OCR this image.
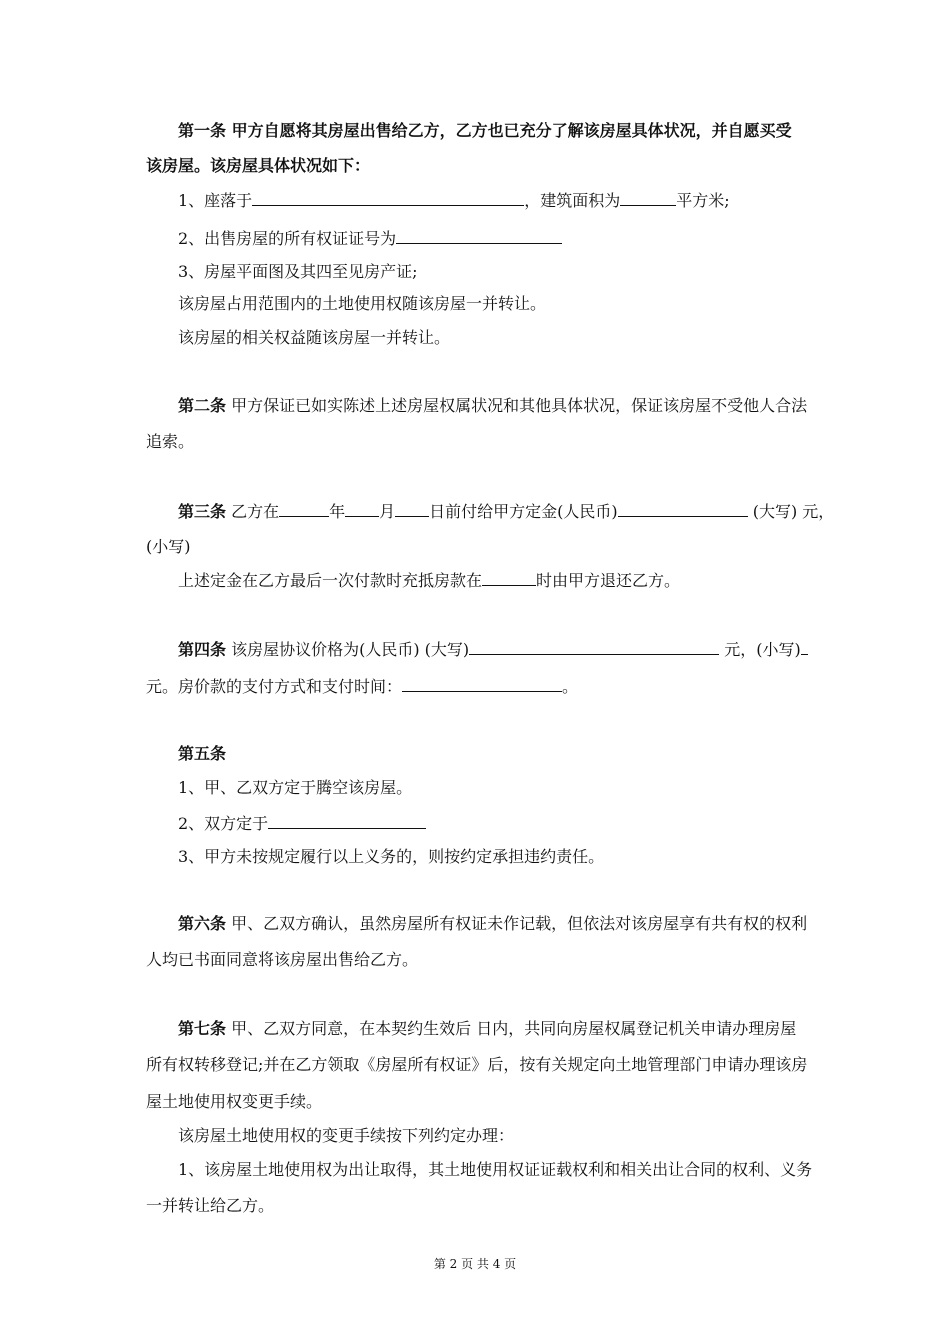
第一条 甲方自愿将其房屋出售给乙方，乙方也已充分了解该房屋具体状况，并自愿买受
该房屋。该房屋具体状况如下：
1、座落于	，建筑面积为	平方米;
2、出售房屋的所有权证证号为
3、房屋平面图及其四至见房产证;
该房屋占用范围内的土地使用权随该房屋一并转让。
该房屋的相关权益随该房屋一并转让。
第二条 甲方保证已如实陈述上述房屋权属状况和其他具体状况，保证该房屋不受他人合法
追索。
第三条 乙方在	年 月 日前付给甲方定金(人民币)	(大写) 元，
(小写)
上述定金在乙方最后一次付款时充抵房款在	时由甲方退还乙方。
第四条 该房屋协议价格为(人民币) (大写)	元，(小写)
元。房价款的支付方式和支付时间：	。
第五条
1、甲、乙双方定于腾空该房屋。
2、双方定于
3、甲方未按规定履行以上义务的，则按约定承担违约责任。
第六条 甲、乙双方确认，虽然房屋所有权证未作记载，但依法对该房屋享有共有权的权利
人均已书面同意将该房屋出售给乙方。
第七条 甲、乙双方同意，在本契约生效后 日内，共同向房屋权属登记机关申请办理房屋
所有权转移登记;并在乙方领取《房屋所有权证》后，按有关规定向土地管理部门申请办理该房
屋土地使用权变更手续。
该房屋土地使用权的变更手续按下列约定办理：
1、该房屋土地使用权为出让取得，其土地使用权证证载权利和相关出让合同的权利、义务
一并转让给乙方。
第 2 页 共 4 页
